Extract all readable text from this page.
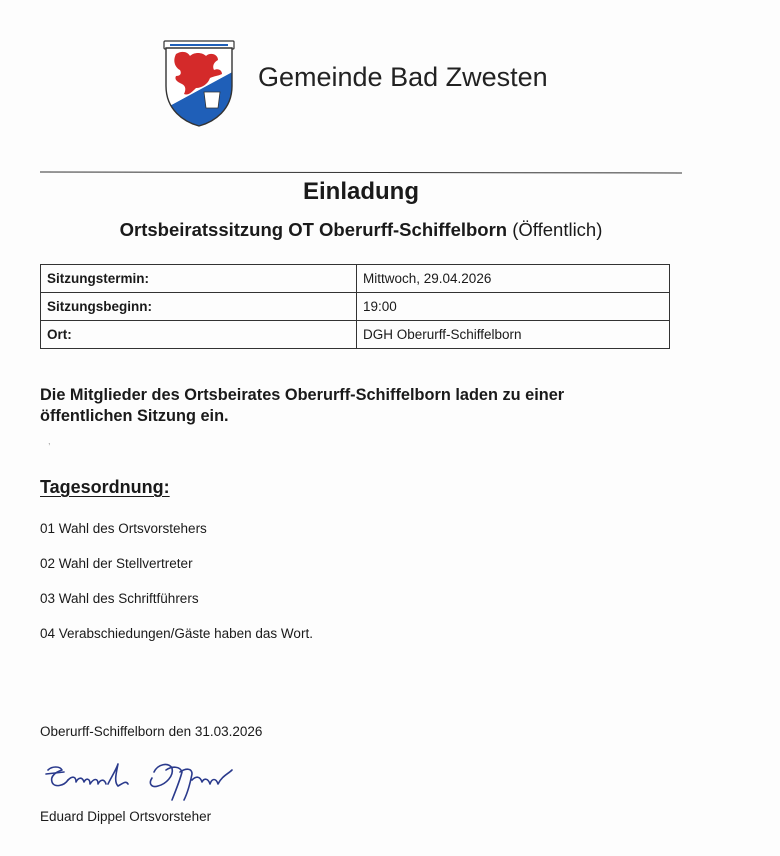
Gemeinde Bad Zwesten
Einladung
Ortsbeiratssitzung OT Oberurff-Schiffelborn (Öffentlich)
Sitzungstermin:	Mittwoch, 29.04.2026
Sitzungsbeginn:	19:00
Ort:	DGH Oberurff-Schiffelborn
Die Mitglieder des Ortsbeirates Oberurff-Schiffelborn laden zu einer öffentlichen Sitzung ein.
Tagesordnung:
01 Wahl des Ortsvorstehers
02 Wahl der Stellvertreter
03 Wahl des Schriftführers
04 Verabschiedungen/Gäste haben das Wort.
Oberurff-Schiffelborn den 31.03.2026
Eduard Dippel Ortsvorsteher
,
